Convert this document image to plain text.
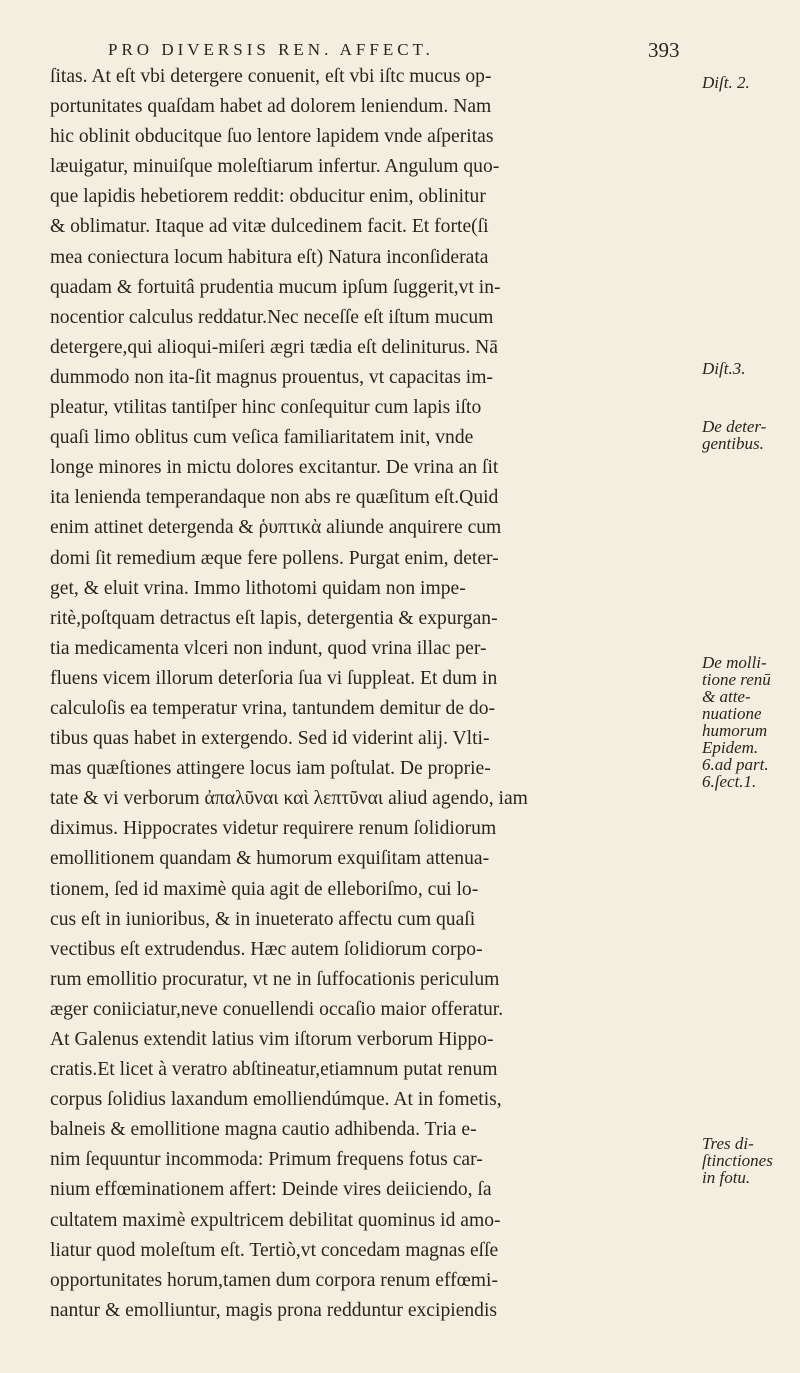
PRO DIVERSIS REN. AFFECT.	393
ſitas. At eſt vbi detergere conuenit, eſt vbi iſtc mucus op-
portunitates quaſdam habet ad dolorem leniendum. Nam
hic oblinit obducitque ſuo lentore lapidem vnde aſperitas
læuigatur, minuiſque moleſtiarum infertur. Angulum quo-
que lapidis hebetiorem reddit: obducitur enim, oblinitur
& oblimatur. Itaque ad vitæ dulcedinem facit. Et forte(ſi
mea coniectura locum habitura eſt) Natura inconſiderata
quadam & fortuitâ prudentia mucum ipſum ſuggerit,vt in-
nocentior calculus reddatur.Nec neceſſe eſt iſtum mucum
detergere,qui alioqui-miſeri ægri tædia eſt deliniturus. Nā
dummodo non ita-ſit magnus prouentus, vt capacitas im-
pleatur, vtilitas tantiſper hinc conſequitur cum lapis iſto
quaſi limo oblitus cum veſica familiaritatem init, vnde
longe minores in mictu dolores excitantur. De vrina an ſit
ita lenienda temperandaque non abs re quæſitum eſt.Quid
enim attinet detergenda & ῥυπτικὰ aliunde anquirere cum
domi ſit remedium æque fere pollens. Purgat enim, deter-
get, & eluit vrina. Immo lithotomi quidam non impe-
ritè,poſtquam detractus eſt lapis, detergentia & expurgan-
tia medicamenta vlceri non indunt, quod vrina illac per-
fluens vicem illorum deterſoria ſua vi ſuppleat. Et dum in
calculoſis ea temperatur vrina, tantundem demitur de do-
tibus quas habet in extergendo. Sed id viderint alij. Vlti-
mas quæſtiones attingere locus iam poſtulat. De proprie-
tate & vi verborum ἀπαλῦναι καὶ λεπτῦναι aliud agendo, iam
diximus. Hippocrates videtur requirere renum ſolidiorum
emollitionem quandam & humorum exquiſitam attenua-
tionem, ſed id maximè quia agit de elleboriſmo, cui lo-
cus eſt in iunioribus, & in inueterato affectu cum quaſi
vectibus eſt extrudendus. Hæc autem ſolidiorum corpo-
rum emollitio procuratur, vt ne in ſuffocationis periculum
æger coniiciatur,neve conuellendi occaſio maior offeratur.
At Galenus extendit latius vim iſtorum verborum Hippo-
cratis.Et licet à veratro abſtineatur,etiamnum putat renum
corpus ſolidius laxandum emolliendúmque. At in fometis,
balneis & emollitione magna cautio adhibenda. Tria e-
nim ſequuntur incommoda: Primum frequens fotus car-
nium effœminationem affert: Deinde vires deiiciendo, ſa
cultatem maximè expultricem debilitat quominus id amo-
liatur quod moleſtum eſt. Tertiò,vt concedam magnas eſſe
opportunitates horum,tamen dum corpora renum effœmi-
nantur & emolliuntur, magis prona redduntur excipiendis
Diſt. 2.
Diſt.3.
De deter-
gentibus.
De molli-
tione renū
& atte-
nuatione
humorum
Epidem.
6.ad part.
6.ſect.1.
Tres di-
ſtinctiones
in fotu.
